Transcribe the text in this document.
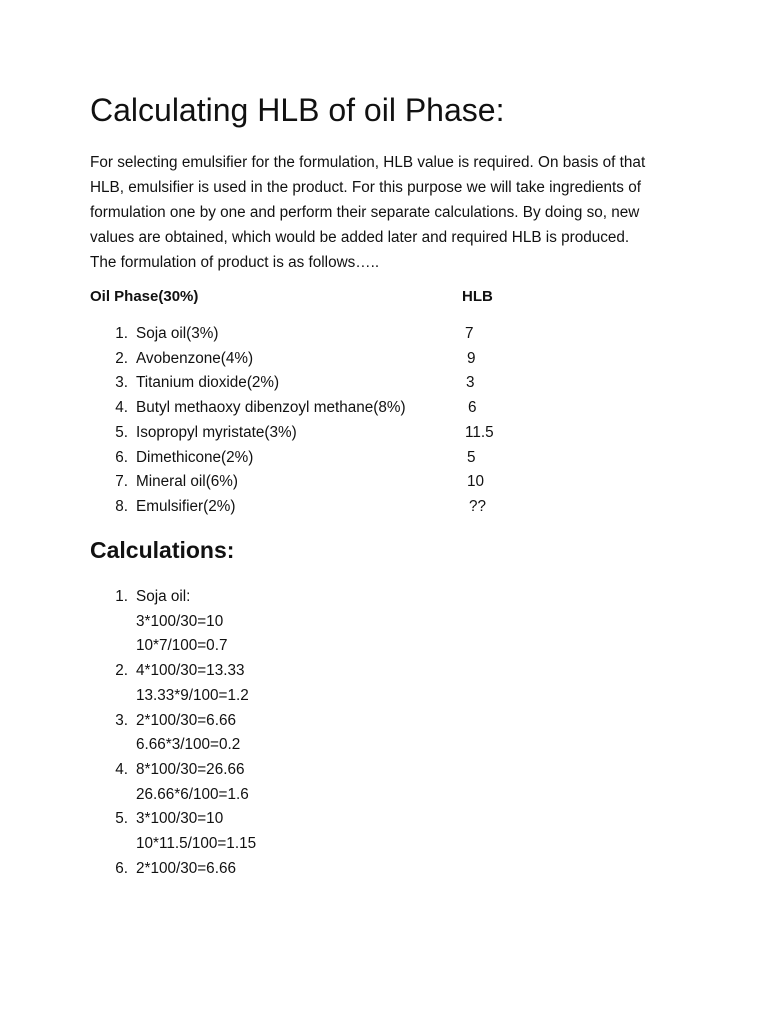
Calculating HLB of oil Phase:

For selecting emulsifier for the formulation, HLB value is required. On basis of that
HLB, emulsifier is used in the product. For this purpose we will take ingredients of
formulation one by one and perform their separate calculations. By doing so, new
values are obtained, which would be added later and required HLB is produced.
The formulation of product is as follows…..

Oil Phase(30%)	HLB
1. Soja oil(3%)	7
2. Avobenzone(4%)	9
3. Titanium dioxide(2%)	3
4. Butyl methaoxy dibenzoyl methane(8%)	6
5. Isopropyl myristate(3%)	11.5
6. Dimethicone(2%)	5
7. Mineral oil(6%)	10
8. Emulsifier(2%)	??
Calculations:
1. Soja oil:
3*100/30=10
10*7/100=0.7
2. 4*100/30=13.33
13.33*9/100=1.2
3. 2*100/30=6.66
6.66*3/100=0.2
4. 8*100/30=26.66
26.66*6/100=1.6
5. 3*100/30=10
10*11.5/100=1.15
6. 2*100/30=6.66
